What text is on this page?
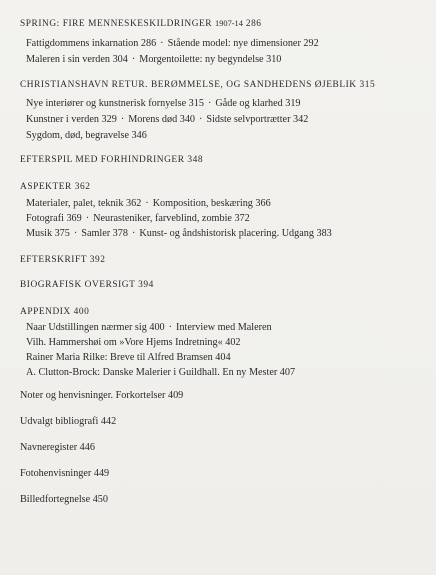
SPRING: FIRE MENNESKESKILDRINGER 1907-14 286
Fattigdommens inkarnation 286 · Stående model: nye dimensioner 292
Maleren i sin verden 304 · Morgentoilette: ny begyndelse 310
CHRISTIANSHAVN RETUR. BERØMMELSE, OG SANDHEDENS ØJEBLIK 315
Nye interiører og kunstnerisk fornyelse 315 · Gåde og klarhed 319
Kunstner i verden 329 · Morens død 340 · Sidste selvportrætter 342
Sygdom, død, begravelse 346
EFTERSPIL MED FORHINDRINGER 348
ASPEKTER 362
Materialer, palet, teknik 362 · Komposition, beskæring 366
Fotografi 369 · Neurasteniker, farveblind, zombie 372
Musik 375 · Samler 378 · Kunst- og åndshistorisk placering. Udgang 383
EFTERSKRIFT 392
BIOGRAFISK OVERSIGT 394
APPENDIX 400
Naar Udstillingen nærmer sig 400 · Interview med Maleren
Vilh. Hammershøi om »Vore Hjems Indretning« 402
Rainer Maria Rilke: Breve til Alfred Bramsen 404
A. Clutton-Brock: Danske Malerier i Guildhall. En ny Mester 407
Noter og henvisninger. Forkortelser 409
Udvalgt bibliografi 442
Navneregister 446
Fotohenvisninger 449
Billedfortegnelse 450
